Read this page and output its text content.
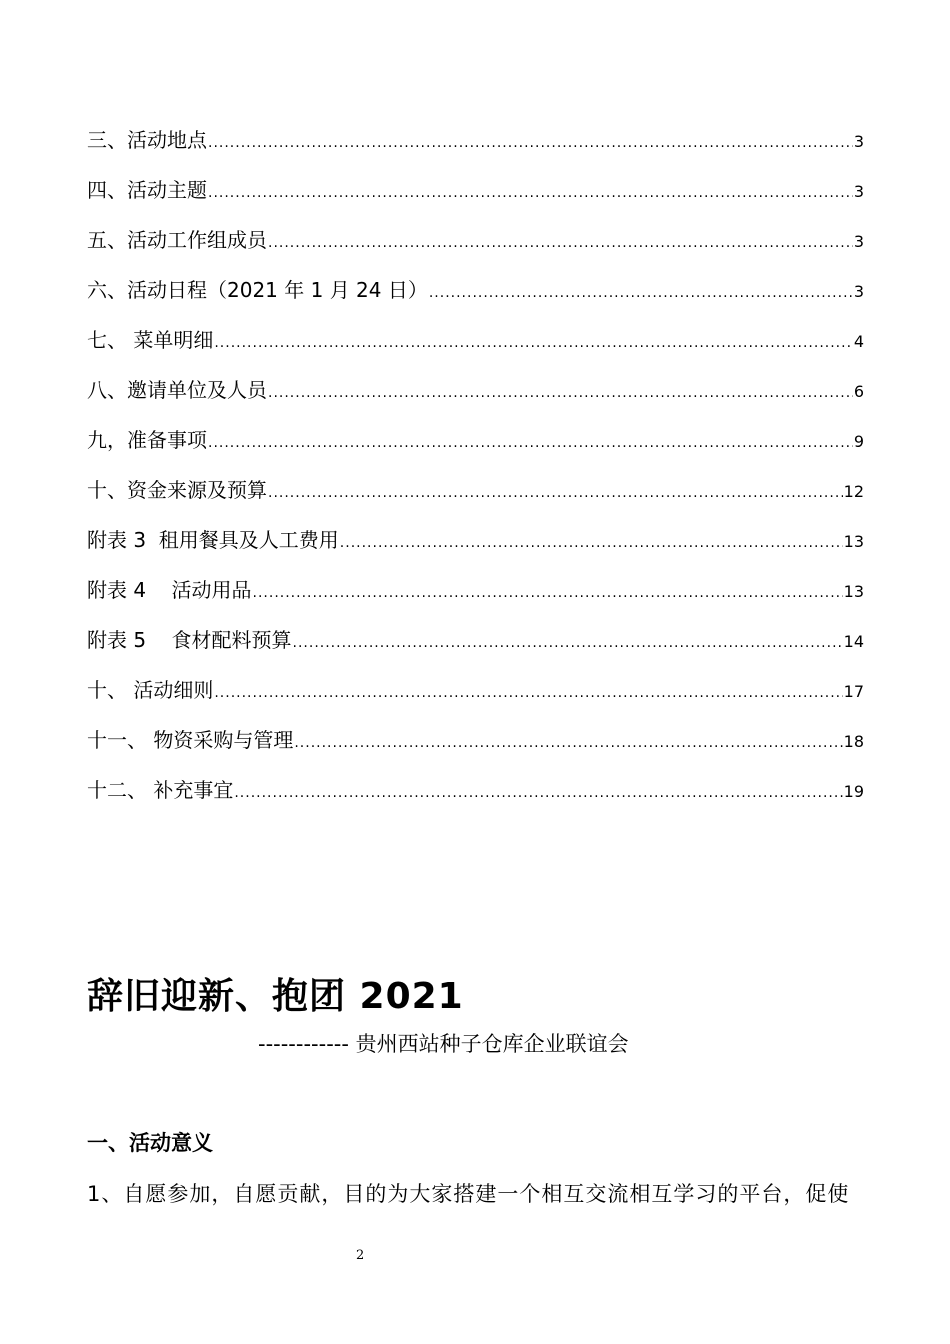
三、活动地点 .....	3
四、活动主题 .....	3
五、活动工作组成员 .....	3
六、活动日程（2021 年 1 月 24 日） .....	3
七、 菜单明细 .....	4
八、邀请单位及人员 .....	6
九，准备事项 .....	9
十、资金来源及预算 .....	12
附表 3  租用餐具及人工费用 .....	13
附表 4    活动用品 .....	13
附表 5    食材配料预算 .....	14
十、 活动细则 .....	17
十一、 物资采购与管理 .....	18
十二、 补充事宜 .....	19
辞旧迎新、抱团 2021
------------ 贵州西站种子仓库企业联谊会
一、活动意义

1、自愿参加，自愿贡献，目的为大家搭建一个相互交流相互学习的平台，促使

2
